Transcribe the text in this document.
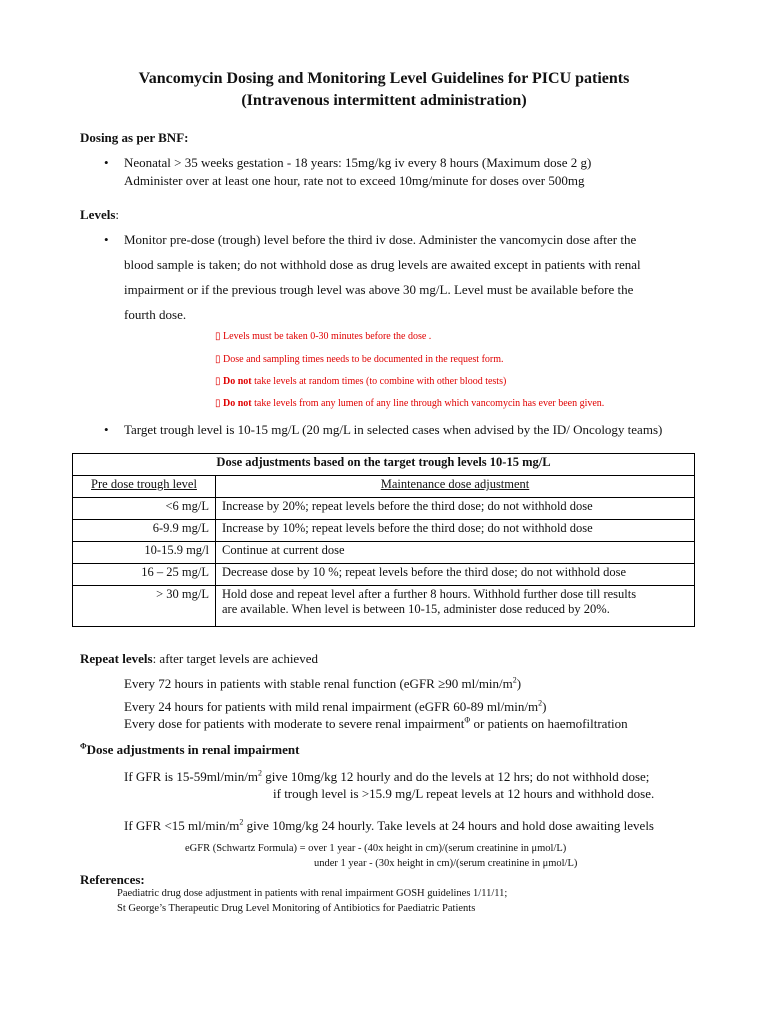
Vancomycin Dosing and Monitoring Level Guidelines for PICU patients
(Intravenous intermittent administration)
Dosing as per BNF:
• Neonatal > 35 weeks gestation - 18 years: 15mg/kg iv every 8 hours (Maximum dose 2 g)
Administer over at least one hour, rate not to exceed 10mg/minute for doses over 500mg
Levels:
• Monitor pre-dose (trough) level before the third iv dose. Administer the vancomycin dose after the
blood sample is taken; do not withhold dose as drug levels are awaited except in patients with renal
impairment or if the previous trough level was above 30 mg/L. Level must be available before the
fourth dose.
▯ Levels must be taken 0-30 minutes before the dose .
▯ Dose and sampling times needs to be documented in the request form.
▯ Do not take levels at random times (to combine with other blood tests)
▯ Do not take levels from any lumen of any line through which vancomycin has ever been given.
• Target trough level is 10-15 mg/L (20 mg/L in selected cases when advised by the ID/ Oncology teams)
Dose adjustments based on the target trough levels 10-15 mg/L	
Pre dose trough level	Maintenance dose adjustment
<6 mg/L	Increase by 20%; repeat levels before the third dose; do not withhold dose
6-9.9 mg/L	Increase by 10%; repeat levels before the third dose; do not withhold dose
10-15.9 mg/l	Continue at current dose
16 – 25 mg/L	Decrease dose by 10 %; repeat levels before the third dose; do not withhold dose
> 30 mg/L	Hold dose and repeat level after a further 8 hours. Withhold further dose till results
are available. When level is between 10-15, administer dose reduced by 20%.
Repeat levels: after target levels are achieved
Every 72 hours in patients with stable renal function (eGFR ≥90 $ml/\min/m^2$)
Every 24 hours for patients with mild renal impairment (eGFR 60-89 $ml/\min/m^2$)
Every dose for patients with moderate to severe renal impairment$^\Phi$ or patients on haemofiltration
$^\Phi$Dose adjustments in renal impairment
If GFR is $15-59ml/\min/m^2$ give 10mg/kg 12 hourly and do the levels at 12 hrs; do not withhold dose;
if trough level is >15.9 mg/L repeat levels at 12 hours and withhold dose.
If GFR <15 $ml/\min/m^2$ give 10mg/kg 24 hourly. Take levels at 24 hours and hold dose awaiting levels
eGFR (Schwartz Formula) = over 1 year - (40x height in cm)/(serum creatinine in μmol/L)
under 1 year - (30x height in cm)/(serum creatinine in μmol/L)
References:
Paediatric drug dose adjustment in patients with renal impairment GOSH guidelines 1/11/11;
St George’s Therapeutic Drug Level Monitoring of Antibiotics for Paediatric Patients
